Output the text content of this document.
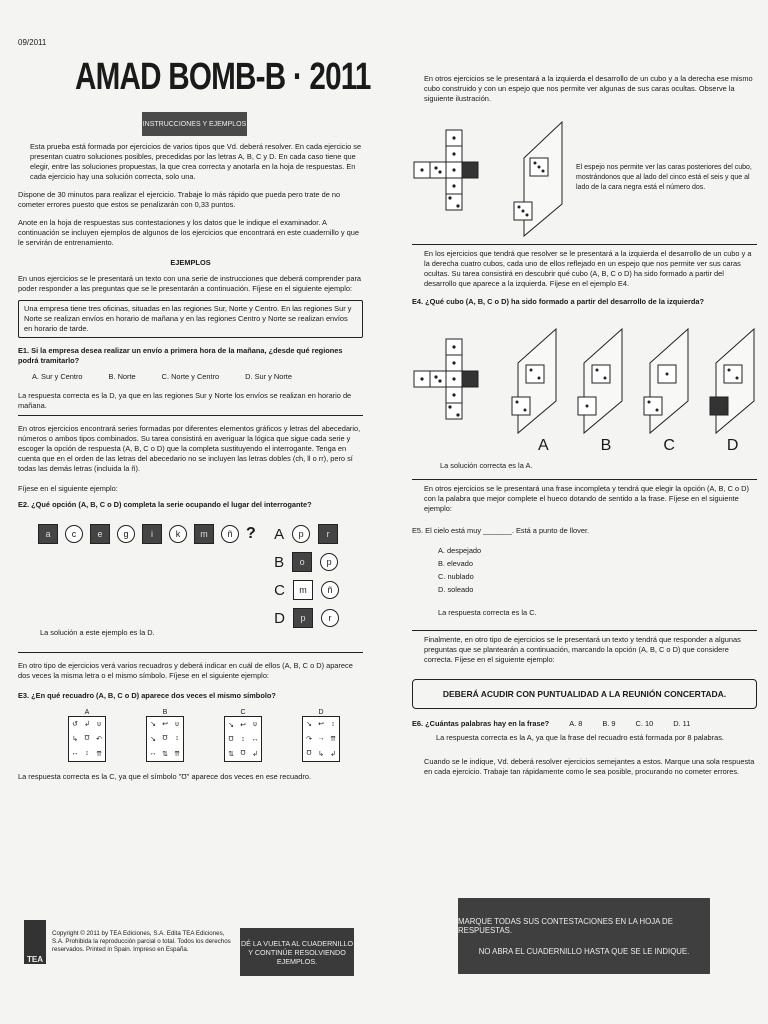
09/2011
AMAD BOMB-B · 2011
INSTRUCCIONES Y EJEMPLOS

Esta prueba está formada por ejercicios de varios tipos que Vd. deberá resolver. En cada ejercicio se presentan cuatro soluciones posibles, precedidas por las letras A, B, C y D. En cada caso tiene que elegir, entre las soluciones propuestas, la que crea correcta y anotarla en la hoja de respuestas. En cada ejercicio hay una solución correcta, solo una.

Dispone de 30 minutos para realizar el ejercicio. Trabaje lo más rápido que pueda pero trate de no cometer errores puesto que estos se penalizarán con 0,33 puntos.

Anote en la hoja de respuestas sus contestaciones y los datos que le indique el examinador. A continuación se incluyen ejemplos de algunos de los ejercicios que encontrará en este cuadernillo y que le servirán de entrenamiento.

EJEMPLOS

En unos ejercicios se le presentará un texto con una serie de instrucciones que deberá comprender para poder responder a las preguntas que se le presentarán a continuación. Fíjese en el siguiente ejemplo:

Una empresa tiene tres oficinas, situadas en las regiones Sur, Norte y Centro. En las regiones Sur y Norte se realizan envíos en horario de mañana y en las regiones Centro y Norte se realizan envíos en horario de tarde.

E1. Si la empresa desea realizar un envío a primera hora de la mañana, ¿desde qué regiones podrá tramitarlo?

A. Sur y Centro	B. Norte	C. Norte y Centro	D. Sur y Norte

La respuesta correcta es la D, ya que en las regiones Sur y Norte los envíos se realizan en horario de mañana.

En otros ejercicios encontrará series formadas por diferentes elementos gráficos y letras del abecedario, números o ambos tipos combinados. Su tarea consistirá en averiguar la lógica que sigue cada serie y escoger la opción de respuesta (A, B, C o D) que la completa sustituyendo el interrogante. Tenga en cuenta que en el orden de las letras del abecedario no se incluyen las letras dobles (ch, ll o rr), pero sí todas las demás letras (incluida la ñ).

Fíjese en el siguiente ejemplo:

E2. ¿Qué opción (A, B, C o D) completa la serie ocupando el lugar del interrogante?

a	c	e	g	i	k	m	ñ ? A	p	r
B	o	p
C	m	ñ
D	p	r

La solución a este ejemplo es la D.

En otro tipo de ejercicios verá varios recuadros y deberá indicar en cuál de ellos (A, B, C o D) aparece dos veces la misma letra o el mismo símbolo. Fíjese en el siguiente ejemplo:

E3. ¿En qué recuadro (A, B, C o D) aparece dos veces el mismo símbolo?

A
↺ ↲ ʋ
↳ Ʊ ↶
↔ ↕ ⇈
B
↘ ↩ ʋ
↘ Ʊ ↕
↔ ⇅ ⇈
C
↘ ↩ ʋ
Ʊ ↕ ↔
⇅ Ʊ ↲
D
↘ ↩ ↕
↷ → ⇈
Ʊ ↳ ↲

La respuesta correcta es la C, ya que el símbolo "Ʊ" aparece dos veces en ese recuadro.

TEA
Copyright © 2011 by TEA Ediciones, S.A. Edita TEA Ediciones, S.A. Prohibida la reproducción parcial o total. Todos los derechos reservados. Printed in Spain. Impreso en España.
DÉ LA VUELTA AL CUADERNILLO Y CONTINÚE RESOLVIENDO EJEMPLOS.

En otros ejercicios se le presentará a la izquierda el desarrollo de un cubo y a la derecha ese mismo cubo construido y con un espejo que nos permite ver algunas de sus caras ocultas. Observe la siguiente ilustración.

El espejo nos permite ver las caras posteriores del cubo, mostrándonos que al lado del cinco está el seis y que al lado de la cara negra está el número dos.

En los ejercicios que tendrá que resolver se le presentará a la izquierda el desarrollo de un cubo y a la derecha cuatro cubos, cada uno de ellos reflejado en un espejo que nos permite ver sus caras ocultas. Su tarea consistirá en descubrir qué cubo (A, B, C o D) ha sido formado a partir del desarrollo que aparece a la izquierda. Fíjese en el ejemplo E4.

E4. ¿Qué cubo (A, B, C o D) ha sido formado a partir del desarrollo de la izquierda?

A	B	C	D

La solución correcta es la A.

En otros ejercicios se le presentará una frase incompleta y tendrá que elegir la opción (A, B, C o D) con la palabra que mejor complete el hueco dotando de sentido a la frase. Fíjese en el siguiente ejemplo:

E5. El cielo está muy _______. Está a punto de llover.

A. despejado
B. elevado
C. nublado
D. soleado

La respuesta correcta es la C.

Finalmente, en otro tipo de ejercicios se le presentará un texto y tendrá que responder a algunas preguntas que se plantearán a continuación, marcando la opción (A, B, C o D) que considere correcta. Fíjese en el siguiente ejemplo:

DEBERÁ ACUDIR CON PUNTUALIDAD A LA REUNIÓN CONCERTADA.
E6. ¿Cuántas palabras hay en la frase?	A. 8	B. 9	C. 10	D. 11

La respuesta correcta es la A, ya que la frase del recuadro está formada por 8 palabras.

Cuando se le indique, Vd. deberá resolver ejercicios semejantes a estos. Marque una sola respuesta en cada ejercicio. Trabaje tan rápidamente como le sea posible, procurando no cometer errores.

MARQUE TODAS SUS CONTESTACIONES EN LA HOJA DE RESPUESTAS.
NO ABRA EL CUADERNILLO HASTA QUE SE LE INDIQUE.
